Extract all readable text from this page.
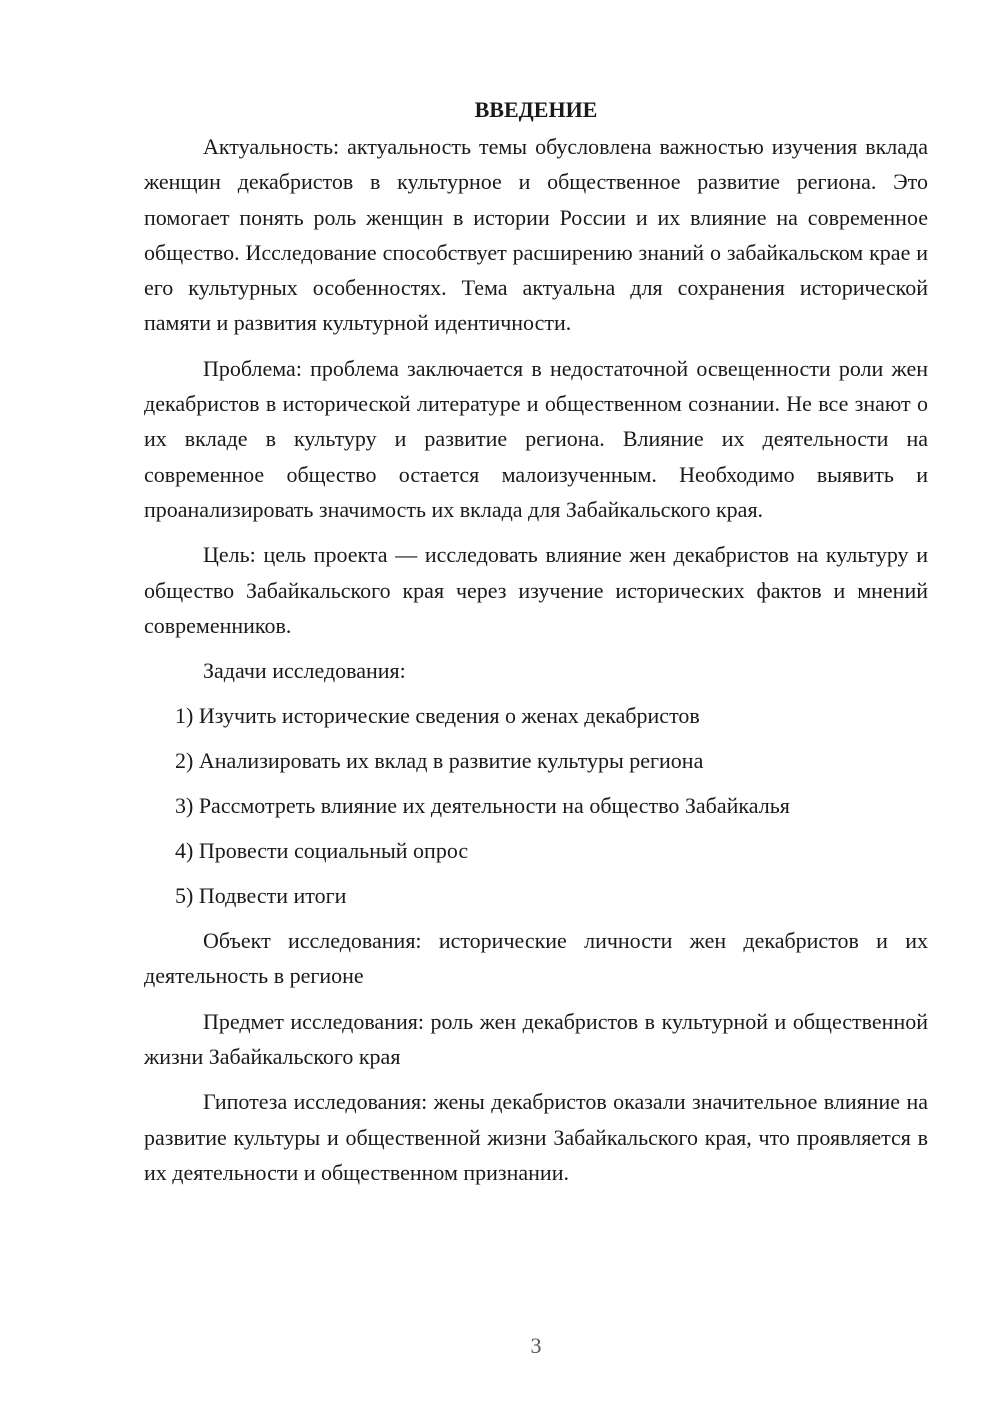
ВВЕДЕНИЕ

Актуальность: актуальность темы обусловлена важностью изучения вклада женщин декабристов в культурное и общественное развитие региона. Это помогает понять роль женщин в истории России и их влияние на современное общество. Исследование способствует расширению знаний о забайкальском крае и его культурных особенностях. Тема актуальна для сохранения исторической памяти и развития культурной идентичности.

Проблема: проблема заключается в недостаточной освещенности роли жен декабристов в исторической литературе и общественном сознании. Не все знают о их вкладе в культуру и развитие региона. Влияние их деятельности на современное общество остается малоизученным. Необходимо выявить и проанализировать значимость их вклада для Забайкальского края.

Цель: цель проекта — исследовать влияние жен декабристов на культуру и общество Забайкальского края через изучение исторических фактов и мнений современников.

Задачи исследования:
1) Изучить исторические сведения о женах декабристов
2) Анализировать их вклад в развитие культуры региона
3) Рассмотреть влияние их деятельности на общество Забайкалья
4) Провести социальный опрос
5) Подвести итоги

Объект исследования: исторические личности жен декабристов и их деятельность в регионе

Предмет исследования: роль жен декабристов в культурной и общественной жизни Забайкальского края

Гипотеза исследования: жены декабристов оказали значительное влияние на развитие культуры и общественной жизни Забайкальского края, что проявляется в их деятельности и общественном признании.

3
